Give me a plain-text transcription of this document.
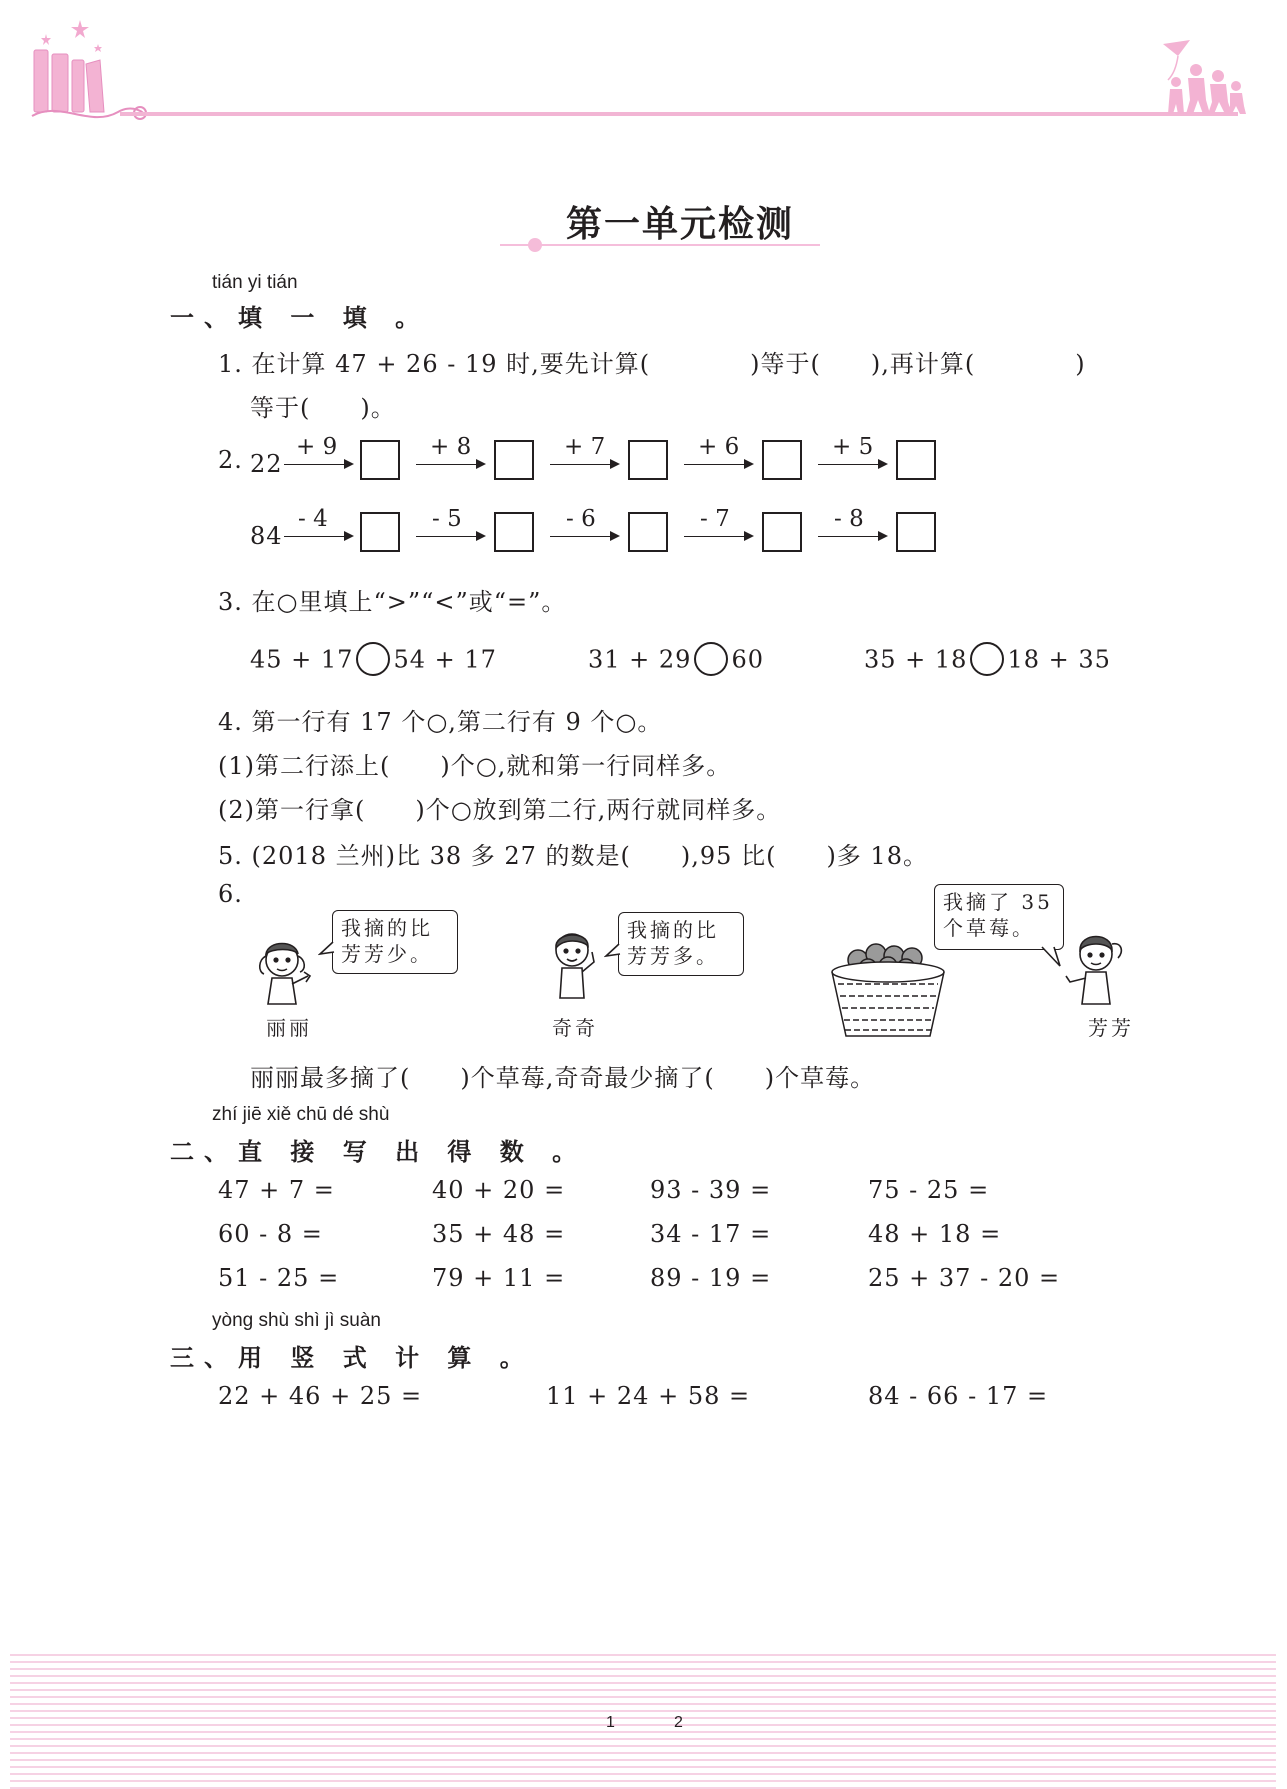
第一单元检测
tián yi tián
一、填 一 填 。
1. 在计算 47 + 26 - 19 时,要先计算(　　　　)等于(　　),再计算(　　　　)
等于(　　)。
2. 22
+ 9	+ 8	+ 7	+ 6	+ 5
84
- 4	- 5	- 6	- 7	- 8
3. 在○里填上“>”“<”或“=”。
45 + 17 54 + 17	31 + 29 60	35 + 18 18 + 35
4. 第一行有 17 个○,第二行有 9 个○。
(1)第二行添上(　　)个○,就和第一行同样多。
(2)第一行拿(　　)个○放到第二行,两行就同样多。
5. (2018 兰州)比 38 多 27 的数是(　　),95 比(　　)多 18。
6.
我摘的比
芳芳少。
丽丽
我摘的比
芳芳多。
奇奇
我摘了 35
个草莓。
芳芳
丽丽最多摘了(　　)个草莓,奇奇最少摘了(　　)个草莓。
zhí jiē xiě chū dé shù
二、直 接 写 出 得 数 。
47 + 7 =	40 + 20 =	93 - 39 =	75 - 25 =
60 - 8 =	35 + 48 =	34 - 17 =	48 + 18 =
51 - 25 =	79 + 11 =	89 - 19 =	25 + 37 - 20 =
yòng shù shì jì suàn
三、用 竖 式 计 算 。
22 + 46 + 25 =	11 + 24 + 58 =	84 - 66 - 17 =
1	2
